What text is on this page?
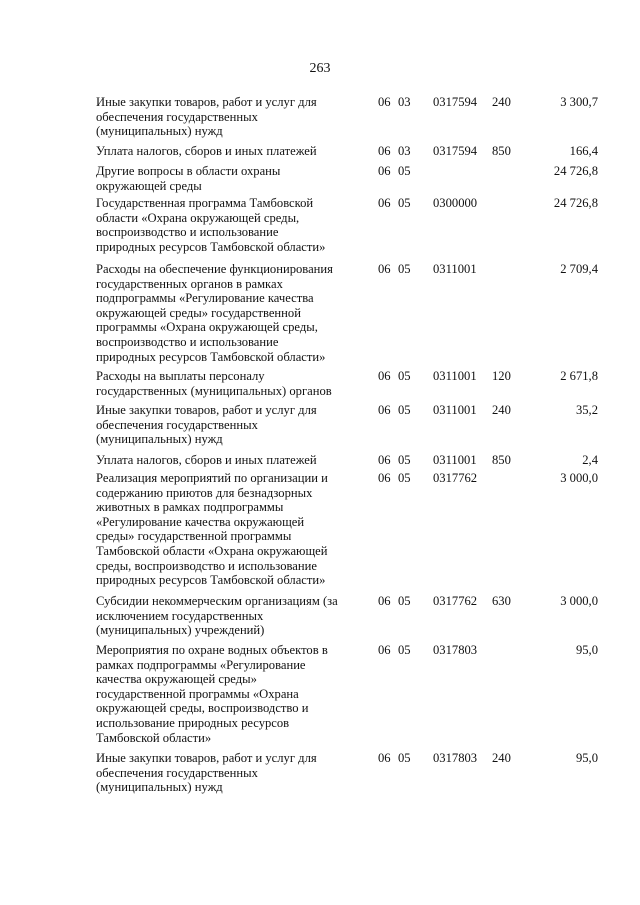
263
Иные закупки товаров, работ и услуг для
обеспечения государственных
(муниципальных) нужд
06 03 0317594 240	3 300,7
Уплата налогов, сборов и иных платежей	06 03 0317594 850	166,4
Другие вопросы в области охраны
окружающей среды
06 05	24 726,8
Государственная программа Тамбовской
области «Охрана окружающей среды,
воспроизводство и использование
природных ресурсов Тамбовской области»
06 05 0300000	24 726,8
Расходы на обеспечение функционирования
государственных органов в рамках
подпрограммы «Регулирование качества
окружающей среды» государственной
программы «Охрана окружающей среды,
воспроизводство и использование
природных ресурсов Тамбовской области»
06 05 0311001	2 709,4
Расходы на выплаты персоналу
государственных (муниципальных) органов
06 05 0311001 120	2 671,8
Иные закупки товаров, работ и услуг для
обеспечения государственных
(муниципальных) нужд
06 05 0311001 240	35,2
Уплата налогов, сборов и иных платежей	06 05 0311001 850	2,4
Реализация мероприятий по организации и
содержанию приютов для безнадзорных
животных в рамках подпрограммы
«Регулирование качества окружающей
среды» государственной программы
Тамбовской области «Охрана окружающей
среды, воспроизводство и использование
природных ресурсов Тамбовской области»
06 05 0317762	3 000,0
Субсидии некоммерческим организациям (за
исключением государственных
(муниципальных) учреждений)
06 05 0317762 630	3 000,0
Мероприятия по охране водных объектов в
рамках подпрограммы «Регулирование
качества окружающей среды»
государственной программы «Охрана
окружающей среды, воспроизводство и
использование природных ресурсов
Тамбовской области»
06 05 0317803	95,0
Иные закупки товаров, работ и услуг для
обеспечения государственных
(муниципальных) нужд
06 05 0317803 240	95,0
